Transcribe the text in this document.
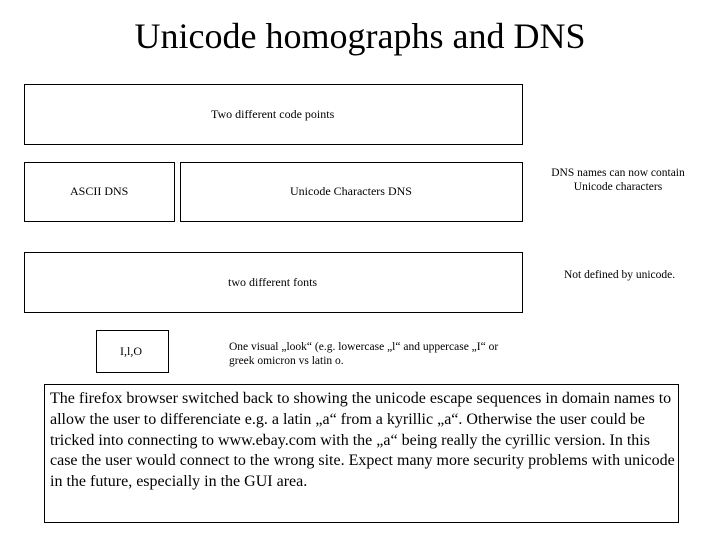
Unicode homographs and DNS
Two different code points
ASCII DNS	Unicode Characters DNS
DNS names can now contain Unicode characters
two different fonts	Not defined by unicode.
I,l,O	One visual „look“ (e.g. lowercase „l“ and uppercase „I“ or greek omicron vs latin o.
The firefox browser switched back to showing the unicode escape sequences in domain names to allow the user to differenciate e.g. a latin „a“ from a kyrillic „a“. Otherwise the user could be tricked into connecting to www.ebay.com with the „a“ being really the cyrillic version. In this case the user would connect to the wrong site. Expect many more security problems with unicode in the future, especially in the GUI area.
